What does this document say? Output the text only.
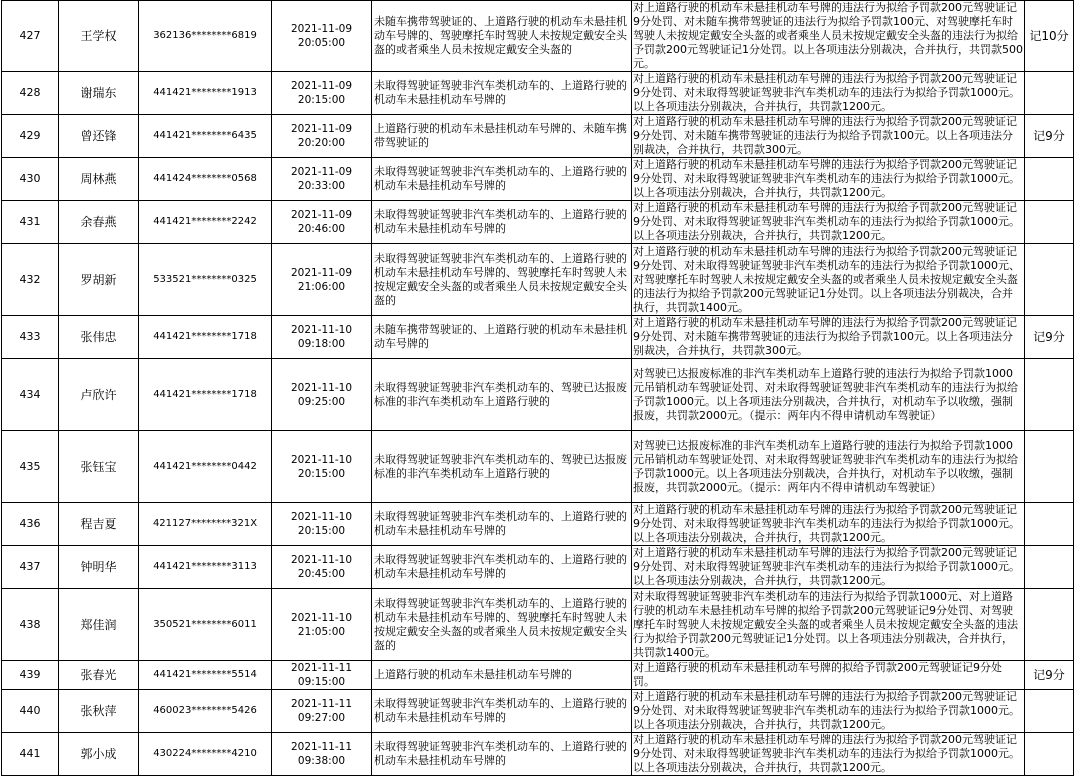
427	王学权	362136********6819	2021-11-09
20:05:00	未随车携带驾驶证的、上道路行驶的机动车未悬挂机动车号牌的、驾驶摩托车时驾驶人未按规定戴安全头盔的或者乘坐人员未按规定戴安全头盔的	对上道路行驶的机动车未悬挂机动车号牌的违法行为拟给予罚款200元驾驶证记9分处罚、对未随车携带驾驶证的违法行为拟给予罚款100元、对驾驶摩托车时驾驶人未按规定戴安全头盔的或者乘坐人员未按规定戴安全头盔的违法行为拟给予罚款200元驾驶证记1分处罚。以上各项违法分别裁决，合并执行，共罚款500元。	记10分
428	谢瑞东	441421********1913	2021-11-09
20:15:00	未取得驾驶证驾驶非汽车类机动车的、上道路行驶的机动车未悬挂机动车号牌的	对上道路行驶的机动车未悬挂机动车号牌的违法行为拟给予罚款200元驾驶证记9分处罚、对未取得驾驶证驾驶非汽车类机动车的违法行为拟给予罚款1000元。以上各项违法分别裁决，合并执行，共罚款1200元。	
429	曾还锋	441421********6435	2021-11-09
20:20:00	上道路行驶的机动车未悬挂机动车号牌的、未随车携带驾驶证的	对上道路行驶的机动车未悬挂机动车号牌的违法行为拟给予罚款200元驾驶证记9分处罚、对未随车携带驾驶证的违法行为拟给予罚款100元。以上各项违法分别裁决，合并执行，共罚款300元。	记9分
430	周林燕	441424********0568	2021-11-09
20:33:00	未取得驾驶证驾驶非汽车类机动车的、上道路行驶的机动车未悬挂机动车号牌的	对上道路行驶的机动车未悬挂机动车号牌的违法行为拟给予罚款200元驾驶证记9分处罚、对未取得驾驶证驾驶非汽车类机动车的违法行为拟给予罚款1000元。以上各项违法分别裁决，合并执行，共罚款1200元。	
431	余春燕	441421********2242	2021-11-09
20:46:00	未取得驾驶证驾驶非汽车类机动车的、上道路行驶的机动车未悬挂机动车号牌的	对上道路行驶的机动车未悬挂机动车号牌的违法行为拟给予罚款200元驾驶证记9分处罚、对未取得驾驶证驾驶非汽车类机动车的违法行为拟给予罚款1000元。以上各项违法分别裁决，合并执行，共罚款1200元。	
432	罗胡新	533521********0325	2021-11-09
21:06:00	未取得驾驶证驾驶非汽车类机动车的、上道路行驶的机动车未悬挂机动车号牌的、驾驶摩托车时驾驶人未按规定戴安全头盔的或者乘坐人员未按规定戴安全头盔的	对上道路行驶的机动车未悬挂机动车号牌的违法行为拟给予罚款200元驾驶证记9分处罚、对未取得驾驶证驾驶非汽车类机动车的违法行为拟给予罚款1000元、对驾驶摩托车时驾驶人未按规定戴安全头盔的或者乘坐人员未按规定戴安全头盔的违法行为拟给予罚款200元驾驶证记1分处罚。以上各项违法分别裁决，合并执行，共罚款1400元。	
433	张伟忠	441421********1718	2021-11-10
09:18:00	未随车携带驾驶证的、上道路行驶的机动车未悬挂机动车号牌的	对上道路行驶的机动车未悬挂机动车号牌的违法行为拟给予罚款200元驾驶证记9分处罚、对未随车携带驾驶证的违法行为拟给予罚款100元。以上各项违法分别裁决，合并执行，共罚款300元。	记9分
434	卢欣许	441421********1718	2021-11-10
09:25:00	未取得驾驶证驾驶非汽车类机动车的、驾驶已达报废标准的非汽车类机动车上道路行驶的	对驾驶已达报废标准的非汽车类机动车上道路行驶的违法行为拟给予罚款1000元吊销机动车驾驶证处罚、对未取得驾驶证驾驶非汽车类机动车的违法行为拟给予罚款1000元。以上各项违法分别裁决，合并执行，对机动车予以收缴，强制报废，共罚款2000元。（提示：两年内不得申请机动车驾驶证）	
435	张钰宝	441421********0442	2021-11-10
20:15:00	未取得驾驶证驾驶非汽车类机动车的、驾驶已达报废标准的非汽车类机动车上道路行驶的	对驾驶已达报废标准的非汽车类机动车上道路行驶的违法行为拟给予罚款1000元吊销机动车驾驶证处罚、对未取得驾驶证驾驶非汽车类机动车的违法行为拟给予罚款1000元。以上各项违法分别裁决，合并执行，对机动车予以收缴，强制报废，共罚款2000元。（提示：两年内不得申请机动车驾驶证）	
436	程吉夏	421127********321X	2021-11-10
20:15:00	未取得驾驶证驾驶非汽车类机动车的、上道路行驶的机动车未悬挂机动车号牌的	对上道路行驶的机动车未悬挂机动车号牌的违法行为拟给予罚款200元驾驶证记9分处罚、对未取得驾驶证驾驶非汽车类机动车的违法行为拟给予罚款1000元。以上各项违法分别裁决，合并执行，共罚款1200元。	
437	钟明华	441421********3113	2021-11-10
20:45:00	未取得驾驶证驾驶非汽车类机动车的、上道路行驶的机动车未悬挂机动车号牌的	对上道路行驶的机动车未悬挂机动车号牌的违法行为拟给予罚款200元驾驶证记9分处罚、对未取得驾驶证驾驶非汽车类机动车的违法行为拟给予罚款1000元。以上各项违法分别裁决，合并执行，共罚款1200元。	
438	郑佳润	350521********6011	2021-11-10
21:05:00	未取得驾驶证驾驶非汽车类机动车的、上道路行驶的机动车未悬挂机动车号牌的、驾驶摩托车时驾驶人未按规定戴安全头盔的或者乘坐人员未按规定戴安全头盔的	对未取得驾驶证驾驶非汽车类机动车的违法行为拟给予罚款1000元、对上道路行驶的机动车未悬挂机动车号牌的拟给予罚款200元驾驶证记9分处罚、对驾驶摩托车时驾驶人未按规定戴安全头盔的或者乘坐人员未按规定戴安全头盔的违法行为拟给予罚款200元驾驶证记1分处罚。以上各项违法分别裁决，合并执行，共罚款1400元。	
439	张春光	441421********5514	2021-11-11
09:15:00	上道路行驶的机动车未悬挂机动车号牌的	对上道路行驶的机动车未悬挂机动车号牌的拟给予罚款200元驾驶证记9分处罚。	记9分
440	张秋萍	460023********5426	2021-11-11
09:27:00	未取得驾驶证驾驶非汽车类机动车的、上道路行驶的机动车未悬挂机动车号牌的	对上道路行驶的机动车未悬挂机动车号牌的违法行为拟给予罚款200元驾驶证记9分处罚、对未取得驾驶证驾驶非汽车类机动车的违法行为拟给予罚款1000元。以上各项违法分别裁决，合并执行，共罚款1200元。	
441	郭小成	430224********4210	2021-11-11
09:38:00	未取得驾驶证驾驶非汽车类机动车的、上道路行驶的机动车未悬挂机动车号牌的	对上道路行驶的机动车未悬挂机动车号牌的违法行为拟给予罚款200元驾驶证记9分处罚、对未取得驾驶证驾驶非汽车类机动车的违法行为拟给予罚款1000元。以上各项违法分别裁决，合并执行，共罚款1200元。	
